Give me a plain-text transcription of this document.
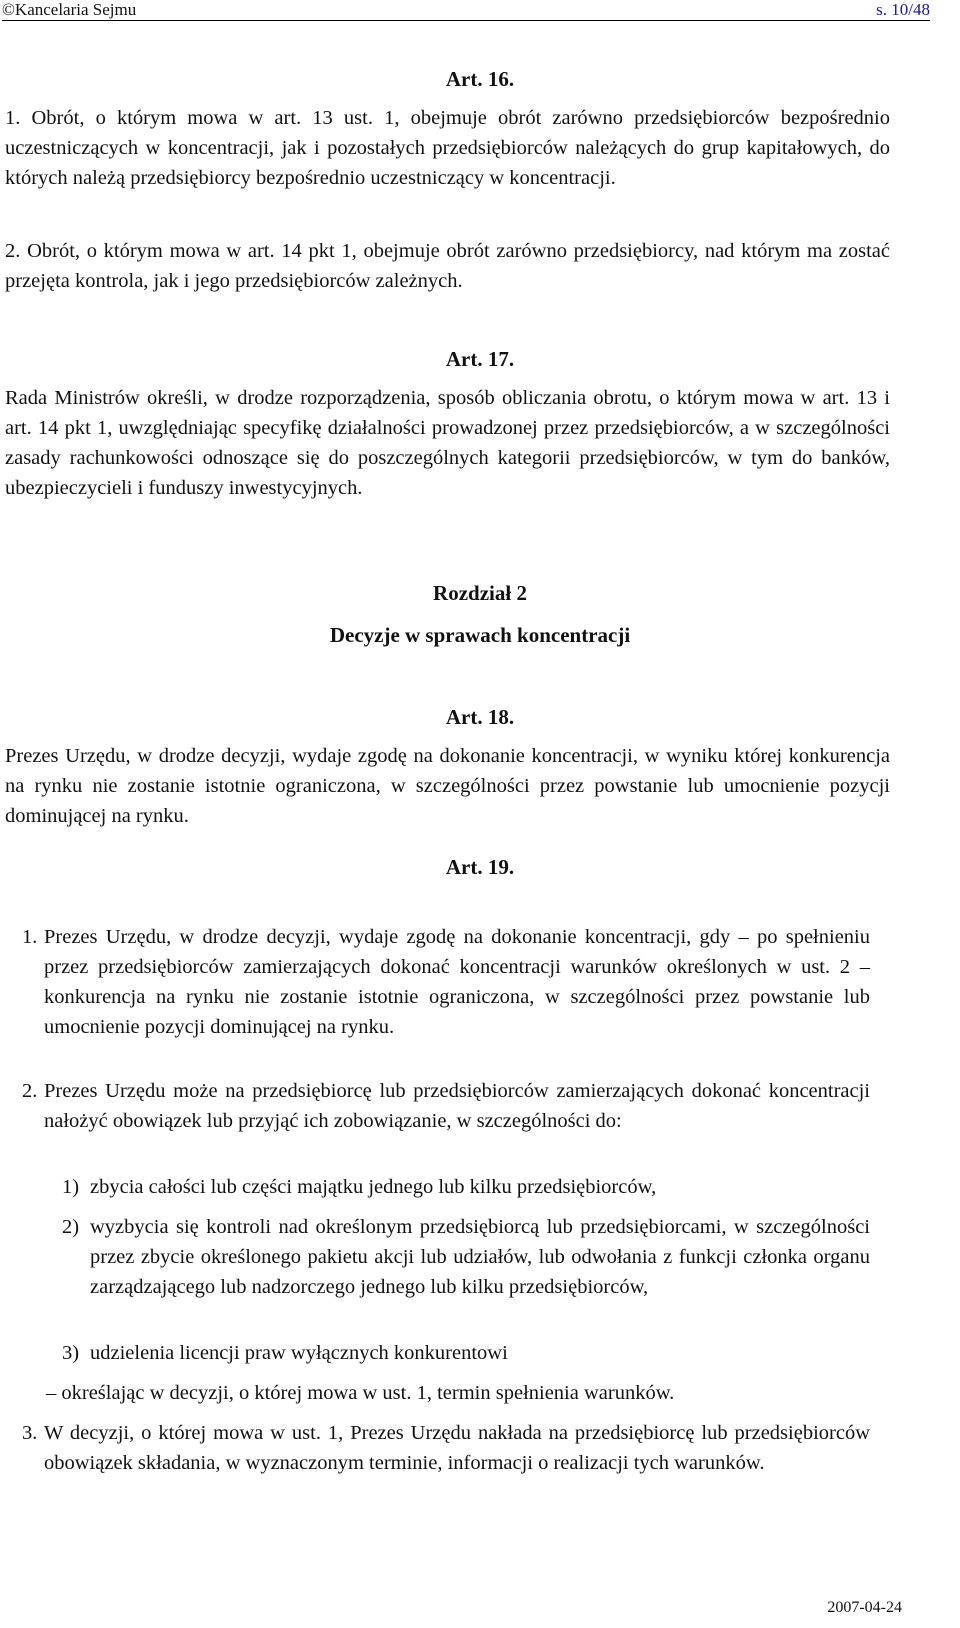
©Kancelaria Sejmu	s. 10/48
Art. 16.
1. Obrót, o którym mowa w art. 13 ust. 1, obejmuje obrót zarówno przedsiębiorców bezpośrednio uczestniczących w koncentracji, jak i pozostałych przedsiębiorców należących do grup kapitałowych, do których należą przedsiębiorcy bezpośrednio uczestniczący w koncentracji.
2. Obrót, o którym mowa w art. 14 pkt 1, obejmuje obrót zarówno przedsiębiorcy, nad którym ma zostać przejęta kontrola, jak i jego przedsiębiorców zależnych.
Art. 17.
Rada Ministrów określi, w drodze rozporządzenia, sposób obliczania obrotu, o którym mowa w art. 13 i art. 14 pkt 1, uwzględniając specyfikę działalności prowadzonej przez przedsiębiorców, a w szczególności zasady rachunkowości odnoszące się do poszczególnych kategorii przedsiębiorców, w tym do banków, ubezpieczycieli i funduszy inwestycyjnych.
Rozdział 2
Decyzje w sprawach koncentracji
Art. 18.
Prezes Urzędu, w drodze decyzji, wydaje zgodę na dokonanie koncentracji, w wyniku której konkurencja na rynku nie zostanie istotnie ograniczona, w szczególności przez powstanie lub umocnienie pozycji dominującej na rynku.
Art. 19.
1. Prezes Urzędu, w drodze decyzji, wydaje zgodę na dokonanie koncentracji, gdy – po spełnieniu przez przedsiębiorców zamierzających dokonać koncentracji warunków określonych w ust. 2 – konkurencja na rynku nie zostanie istotnie ograniczona, w szczególności przez powstanie lub umocnienie pozycji dominującej na rynku.
2. Prezes Urzędu może na przedsiębiorcę lub przedsiębiorców zamierzających dokonać koncentracji nałożyć obowiązek lub przyjąć ich zobowiązanie, w szczególności do:
1) zbycia całości lub części majątku jednego lub kilku przedsiębiorców,
2) wyzbycia się kontroli nad określonym przedsiębiorcą lub przedsiębiorcami, w szczególności przez zbycie określonego pakietu akcji lub udziałów, lub odwołania z funkcji członka organu zarządzającego lub nadzorczego jednego lub kilku przedsiębiorców,
3) udzielenia licencji praw wyłącznych konkurentowi
– określając w decyzji, o której mowa w ust. 1, termin spełnienia warunków.
3. W decyzji, o której mowa w ust. 1, Prezes Urzędu nakłada na przedsiębiorcę lub przedsiębiorców obowiązek składania, w wyznaczonym terminie, informacji o realizacji tych warunków.
2007-04-24
